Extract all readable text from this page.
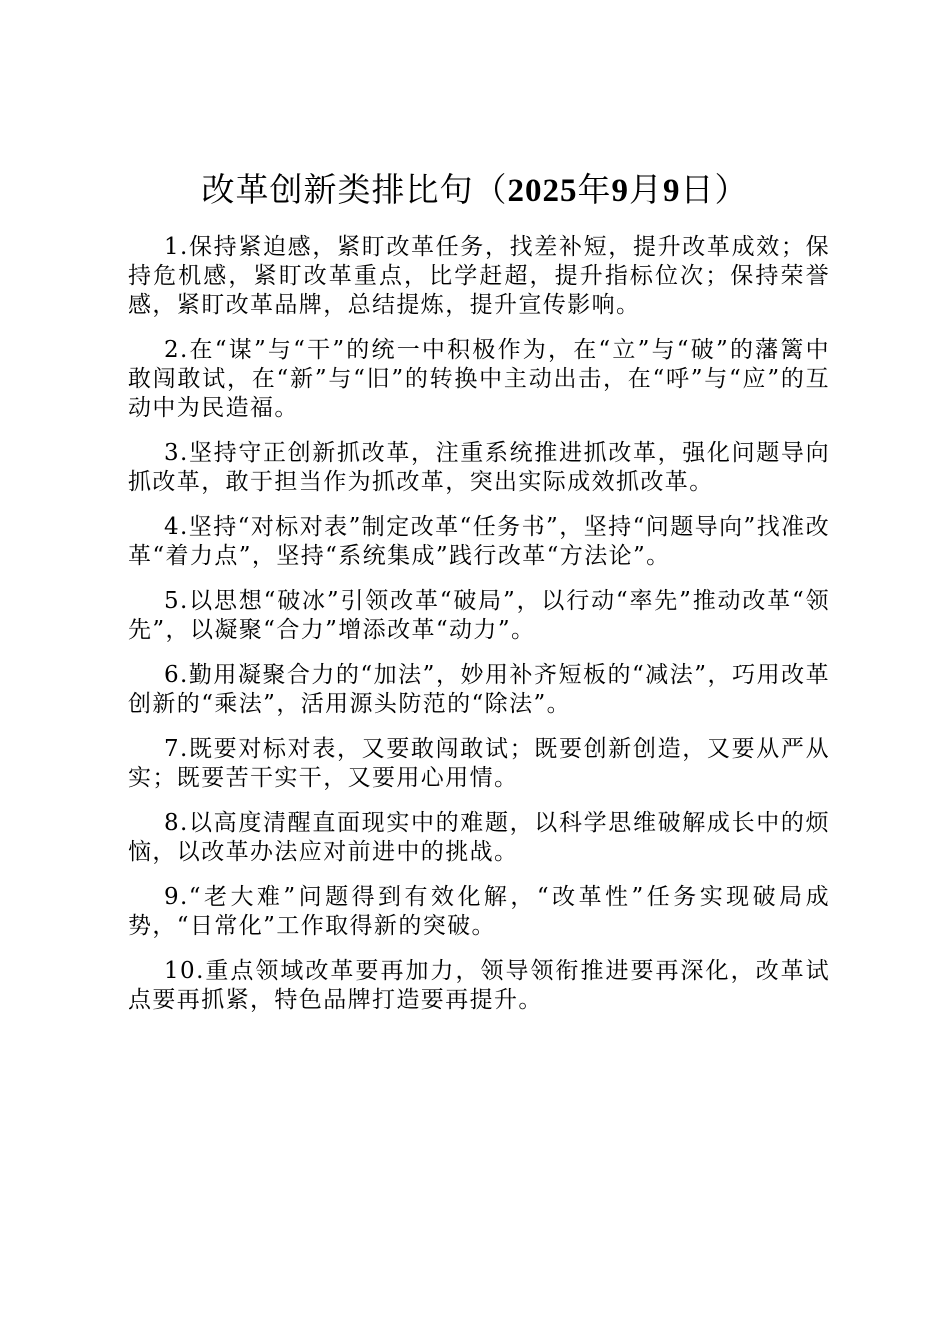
改革创新类排比句（2025年9月9日）

1.保持紧迫感，紧盯改革任务，找差补短，提升改革成效；保持危机感，紧盯改革重点，比学赶超，提升指标位次；保持荣誉感，紧盯改革品牌，总结提炼，提升宣传影响。

2.在“谋”与“干”的统一中积极作为，在“立”与“破”的藩篱中敢闯敢试，在“新”与“旧”的转换中主动出击，在“呼”与“应”的互动中为民造福。

3.坚持守正创新抓改革，注重系统推进抓改革，强化问题导向抓改革，敢于担当作为抓改革，突出实际成效抓改革。

4.坚持“对标对表”制定改革“任务书”，坚持“问题导向”找准改革“着力点”，坚持“系统集成”践行改革“方法论”。

5.以思想“破冰”引领改革“破局”，以行动“率先”推动改革“领先”，以凝聚“合力”增添改革“动力”。

6.勤用凝聚合力的“加法”，妙用补齐短板的“减法”，巧用改革创新的“乘法”，活用源头防范的“除法”。

7.既要对标对表，又要敢闯敢试；既要创新创造，又要从严从实；既要苦干实干，又要用心用情。

8.以高度清醒直面现实中的难题，以科学思维破解成长中的烦恼，以改革办法应对前进中的挑战。

9.“老大难”问题得到有效化解，“改革性”任务实现破局成势，“日常化”工作取得新的突破。

10.重点领域改革要再加力，领导领衔推进要再深化，改革试点要再抓紧，特色品牌打造要再提升。
